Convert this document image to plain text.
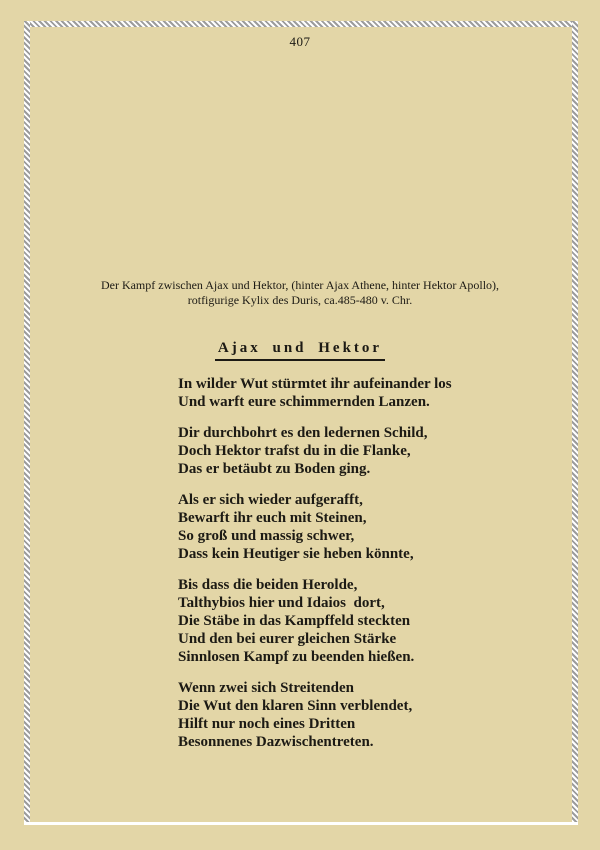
407
Der Kampf zwischen Ajax und Hektor, (hinter Ajax Athene, hinter Hektor Apollo),
rotfigurige Kylix des Duris, ca.485-480 v. Chr.
Ajax und Hektor
In wilder Wut stürmtet ihr aufeinander los
Und warft eure schimmernden Lanzen.
Dir durchbohrt es den ledernen Schild,
Doch Hektor trafst du in die Flanke,
Das er betäubt zu Boden ging.
Als er sich wieder aufgerafft,
Bewarft ihr euch mit Steinen,
So groß und massig schwer,
Dass kein Heutiger sie heben könnte,
Bis dass die beiden Herolde,
Talthybios hier und Idaios  dort,
Die Stäbe in das Kampffeld steckten
Und den bei eurer gleichen Stärke
Sinnlosen Kampf zu beenden hießen.
Wenn zwei sich Streitenden
Die Wut den klaren Sinn verblendet,
Hilft nur noch eines Dritten
Besonnenes Dazwischentreten.
